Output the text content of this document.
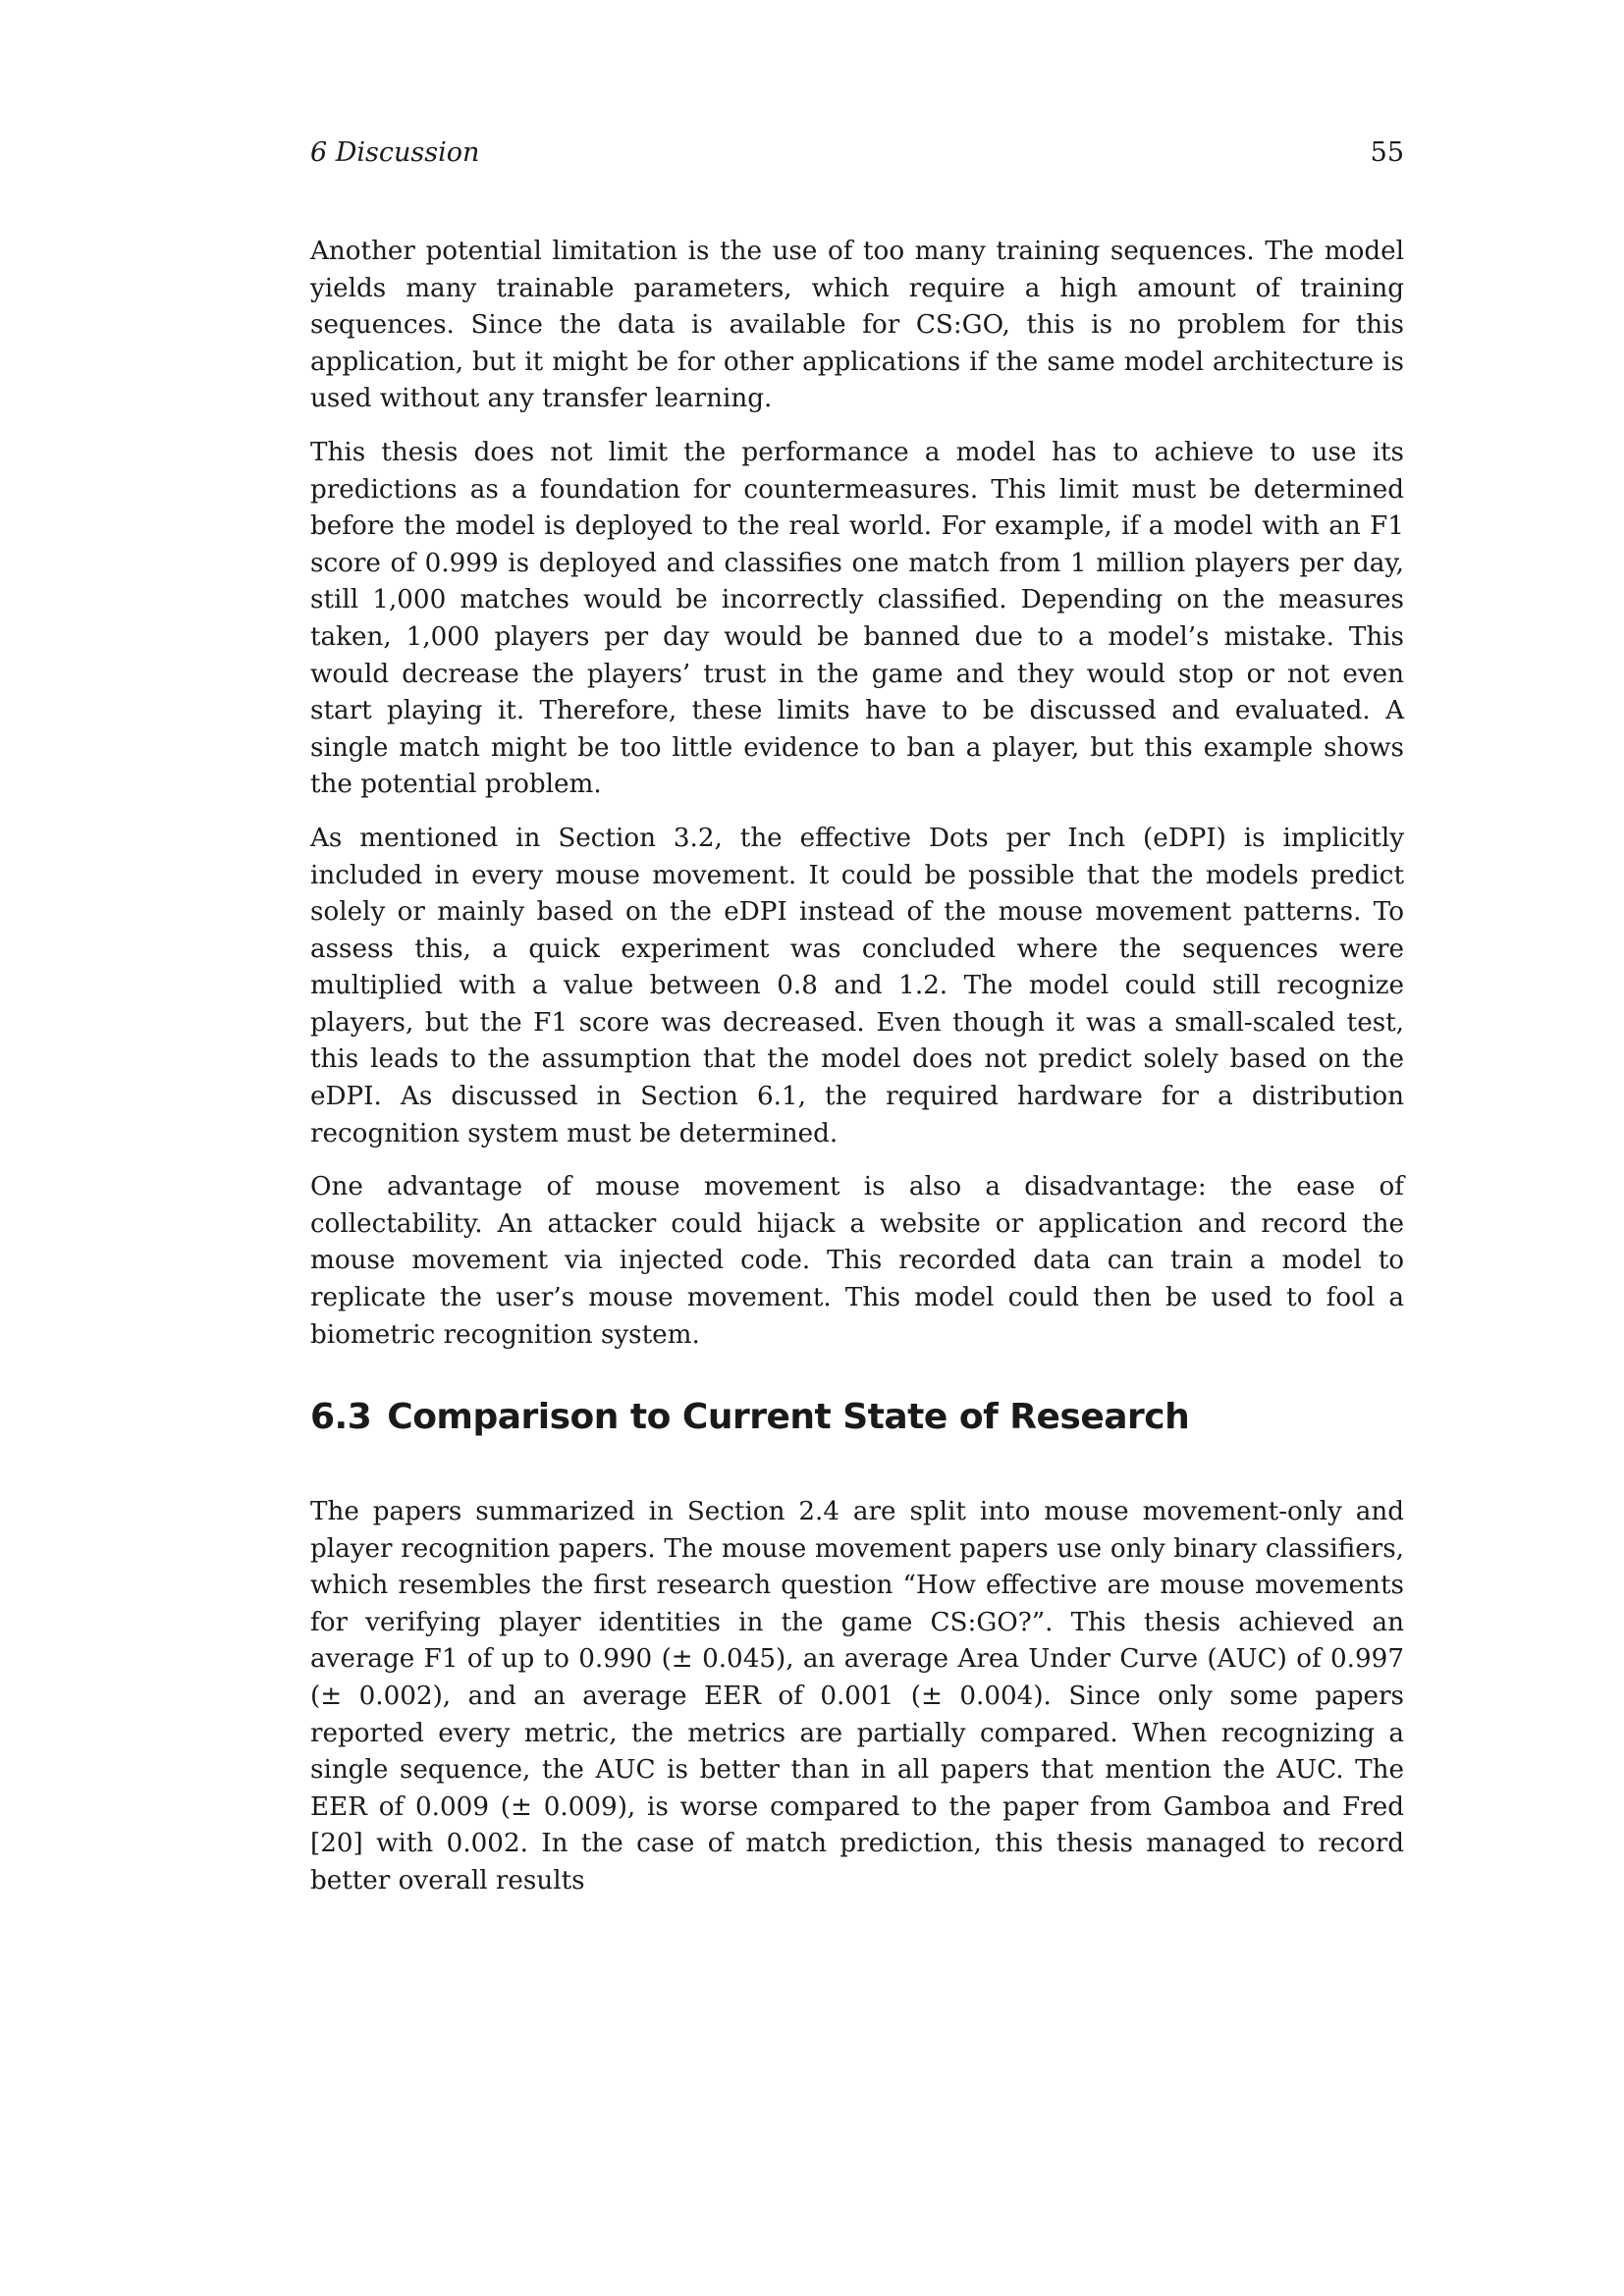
6 Discussion	55

Another potential limitation is the use of too many training sequences. The model yields many trainable parameters, which require a high amount of training sequences. Since the data is available for CS:GO, this is no problem for this application, but it might be for other applications if the same model architecture is used without any transfer learning.

This thesis does not limit the performance a model has to achieve to use its predictions as a foundation for countermeasures. This limit must be determined before the model is deployed to the real world. For example, if a model with an F1 score of 0.999 is deployed and classifies one match from 1 million players per day, still 1,000 matches would be incorrectly classified. Depending on the measures taken, 1,000 players per day would be banned due to a model’s mistake. This would decrease the players’ trust in the game and they would stop or not even start playing it. Therefore, these limits have to be discussed and evaluated. A single match might be too little evidence to ban a player, but this example shows the potential problem.

As mentioned in Section 3.2, the effective Dots per Inch (eDPI) is implicitly included in every mouse movement. It could be possible that the models predict solely or mainly based on the eDPI instead of the mouse movement patterns. To assess this, a quick experiment was concluded where the sequences were multiplied with a value between 0.8 and 1.2. The model could still recognize players, but the F1 score was decreased. Even though it was a small-scaled test, this leads to the assumption that the model does not predict solely based on the eDPI. As discussed in Section 6.1, the required hardware for a distribution recognition system must be determined.

One advantage of mouse movement is also a disadvantage: the ease of collectability. An attacker could hijack a website or application and record the mouse movement via injected code. This recorded data can train a model to replicate the user’s mouse movement. This model could then be used to fool a biometric recognition system.

6.3 Comparison to Current State of Research

The papers summarized in Section 2.4 are split into mouse movement-only and player recognition papers. The mouse movement papers use only binary classifiers, which resembles the first research question “How effective are mouse movements for verifying player identities in the game CS:GO?”. This thesis achieved an average F1 of up to 0.990 (± 0.045), an average Area Under Curve (AUC) of 0.997 (± 0.002), and an average EER of 0.001 (± 0.004). Since only some papers reported every metric, the metrics are partially compared. When recognizing a single sequence, the AUC is better than in all papers that mention the AUC. The EER of 0.009 (± 0.009), is worse compared to the paper from Gamboa and Fred [20] with 0.002. In the case of match prediction, this thesis managed to record better overall results
